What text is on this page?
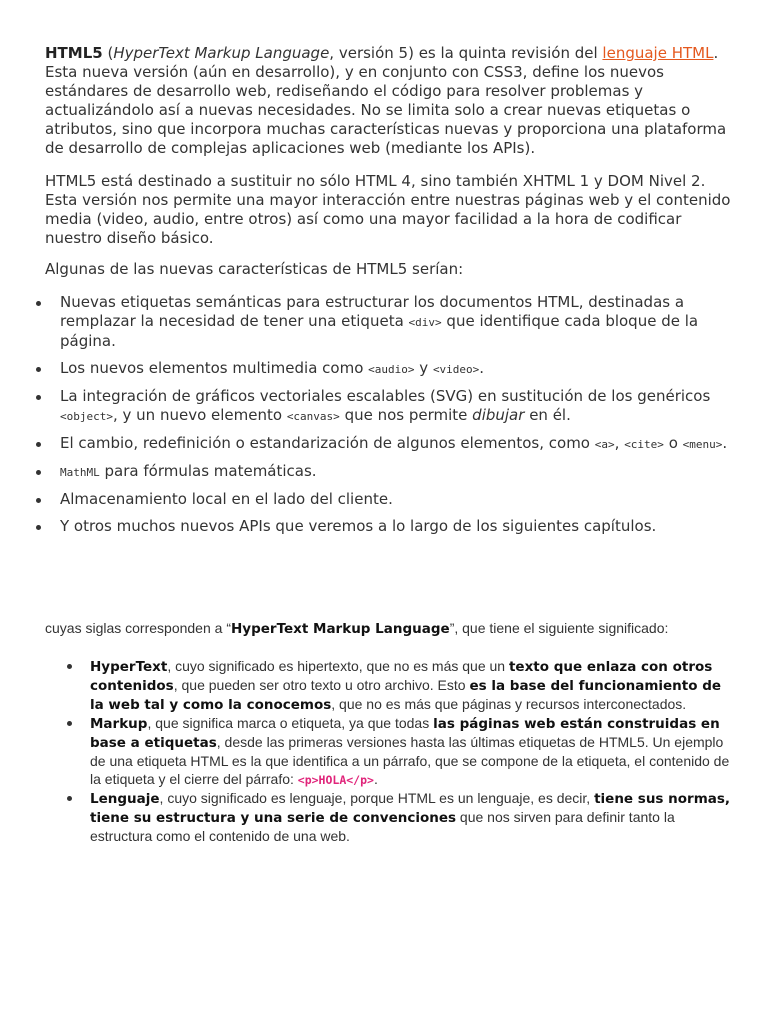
HTML5 (HyperText Markup Language, versión 5) es la quinta revisión del lenguaje HTML. Esta nueva versión (aún en desarrollo), y en conjunto con CSS3, define los nuevos estándares de desarrollo web, rediseñando el código para resolver problemas y actualizándolo así a nuevas necesidades. No se limita solo a crear nuevas etiquetas o atributos, sino que incorpora muchas características nuevas y proporciona una plataforma de desarrollo de complejas aplicaciones web (mediante los APIs).

HTML5 está destinado a sustituir no sólo HTML 4, sino también XHTML 1 y DOM Nivel 2. Esta versión nos permite una mayor interacción entre nuestras páginas web y el contenido media (video, audio, entre otros) así como una mayor facilidad a la hora de codificar nuestro diseño básico.

Algunas de las nuevas características de HTML5 serían:

Nuevas etiquetas semánticas para estructurar los documentos HTML, destinadas a remplazar la necesidad de tener una etiqueta <div> que identifique cada bloque de la página.
Los nuevos elementos multimedia como <audio> y <video>.
La integración de gráficos vectoriales escalables (SVG) en sustitución de los genéricos <object>, y un nuevo elemento <canvas> que nos permite dibujar en él.
El cambio, redefinición o estandarización de algunos elementos, como <a>, <cite> o <menu>.
MathML para fórmulas matemáticas.
Almacenamiento local en el lado del cliente.
Y otros muchos nuevos APIs que veremos a lo largo de los siguientes capítulos.

cuyas siglas corresponden a “HyperText Markup Language”, que tiene el siguiente significado:

HyperText, cuyo significado es hipertexto, que no es más que un texto que enlaza con otros contenidos, que pueden ser otro texto u otro archivo. Esto es la base del funcionamiento de la web tal y como la conocemos, que no es más que páginas y recursos interconectados.
Markup, que significa marca o etiqueta, ya que todas las páginas web están construidas en base a etiquetas, desde las primeras versiones hasta las últimas etiquetas de HTML5. Un ejemplo de una etiqueta HTML es la que identifica a un párrafo, que se compone de la etiqueta, el contenido de la etiqueta y el cierre del párrafo: <p>HOLA</p>.
Lenguaje, cuyo significado es lenguaje, porque HTML es un lenguaje, es decir, tiene sus normas, tiene su estructura y una serie de convenciones que nos sirven para definir tanto la estructura como el contenido de una web.
